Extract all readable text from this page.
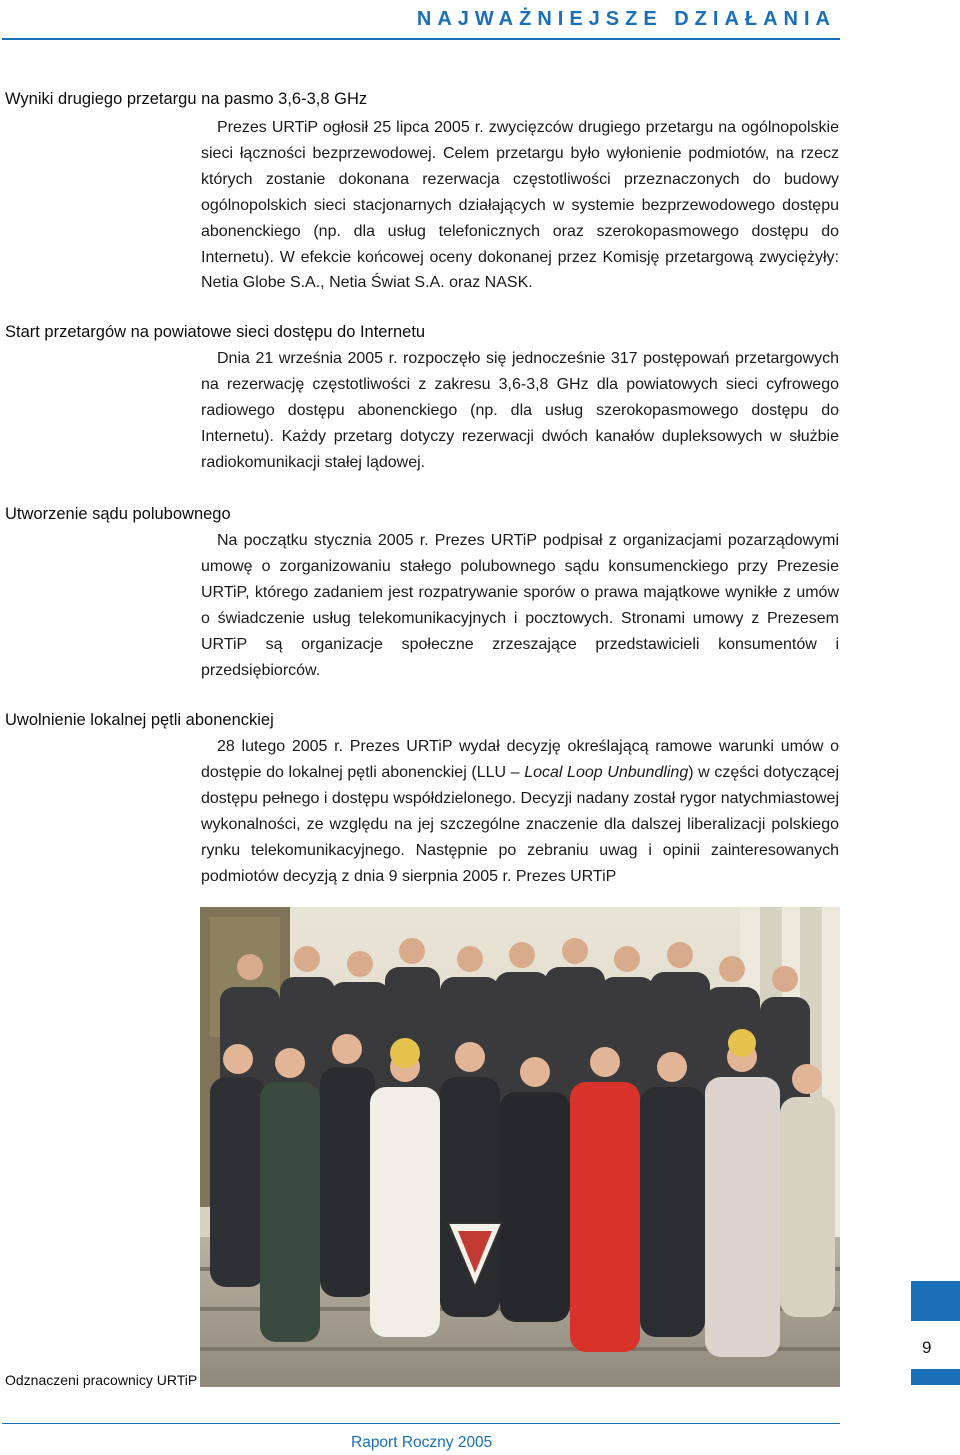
NAJWAŻNIEJSZE DZIAŁANIA
Wyniki drugiego przetargu na pasmo 3,6-3,8 GHz

Prezes URTiP ogłosił 25 lipca 2005 r. zwycięzców drugiego przetargu na ogólnopolskie sieci łączności bezprzewodowej. Celem przetargu było wyłonienie podmiotów, na rzecz których zostanie dokonana rezerwacja częstotliwości przeznaczonych do budowy ogólnopolskich sieci stacjonarnych działających w systemie bezprzewodowego dostępu abonenckiego (np. dla usług telefonicznych oraz szerokopasmowego dostępu do Internetu). W efekcie końcowej oceny dokonanej przez Komisję przetargową zwyciężyły: Netia Globe S.A., Netia Świat S.A. oraz NASK.

Start przetargów na powiatowe sieci dostępu do Internetu

Dnia 21 września 2005 r. rozpoczęło się jednocześnie 317 postępowań przetargowych na rezerwację częstotliwości z zakresu 3,6-3,8 GHz dla powiatowych sieci cyfrowego radiowego dostępu abonenckiego (np. dla usług szerokopasmowego dostępu do Internetu). Każdy przetarg dotyczy rezerwacji dwóch kanałów dupleksowych w służbie radiokomunikacji stałej lądowej.

Utworzenie sądu polubownego

Na początku stycznia 2005 r. Prezes URTiP podpisał z organizacjami pozarządowymi umowę o zorganizowaniu stałego polubownego sądu konsumenckiego przy Prezesie URTiP, którego zadaniem jest rozpatrywanie sporów o prawa majątkowe wynikłe z umów o świadczenie usług telekomunikacyjnych i pocztowych. Stronami umowy z Prezesem URTiP są organizacje społeczne zrzeszające przedstawicieli konsumentów i przedsiębiorców.

Uwolnienie lokalnej pętli abonenckiej

28 lutego 2005 r. Prezes URTiP wydał decyzję określającą ramowe warunki umów o dostępie do lokalnej pętli abonenckiej (LLU – Local Loop Unbundling) w części dotyczącej dostępu pełnego i dostępu współdzielonego. Decyzji nadany został rygor natychmiastowej wykonalności, ze względu na jej szczególne znaczenie dla dalszej liberalizacji polskiego rynku telekomunikacyjnego. Następnie po zebraniu uwag i opinii zainteresowanych podmiotów decyzją z dnia 9 sierpnia 2005 r. Prezes URTiP

Odznaczeni pracownicy URTiP
9
Raport Roczny 2005
